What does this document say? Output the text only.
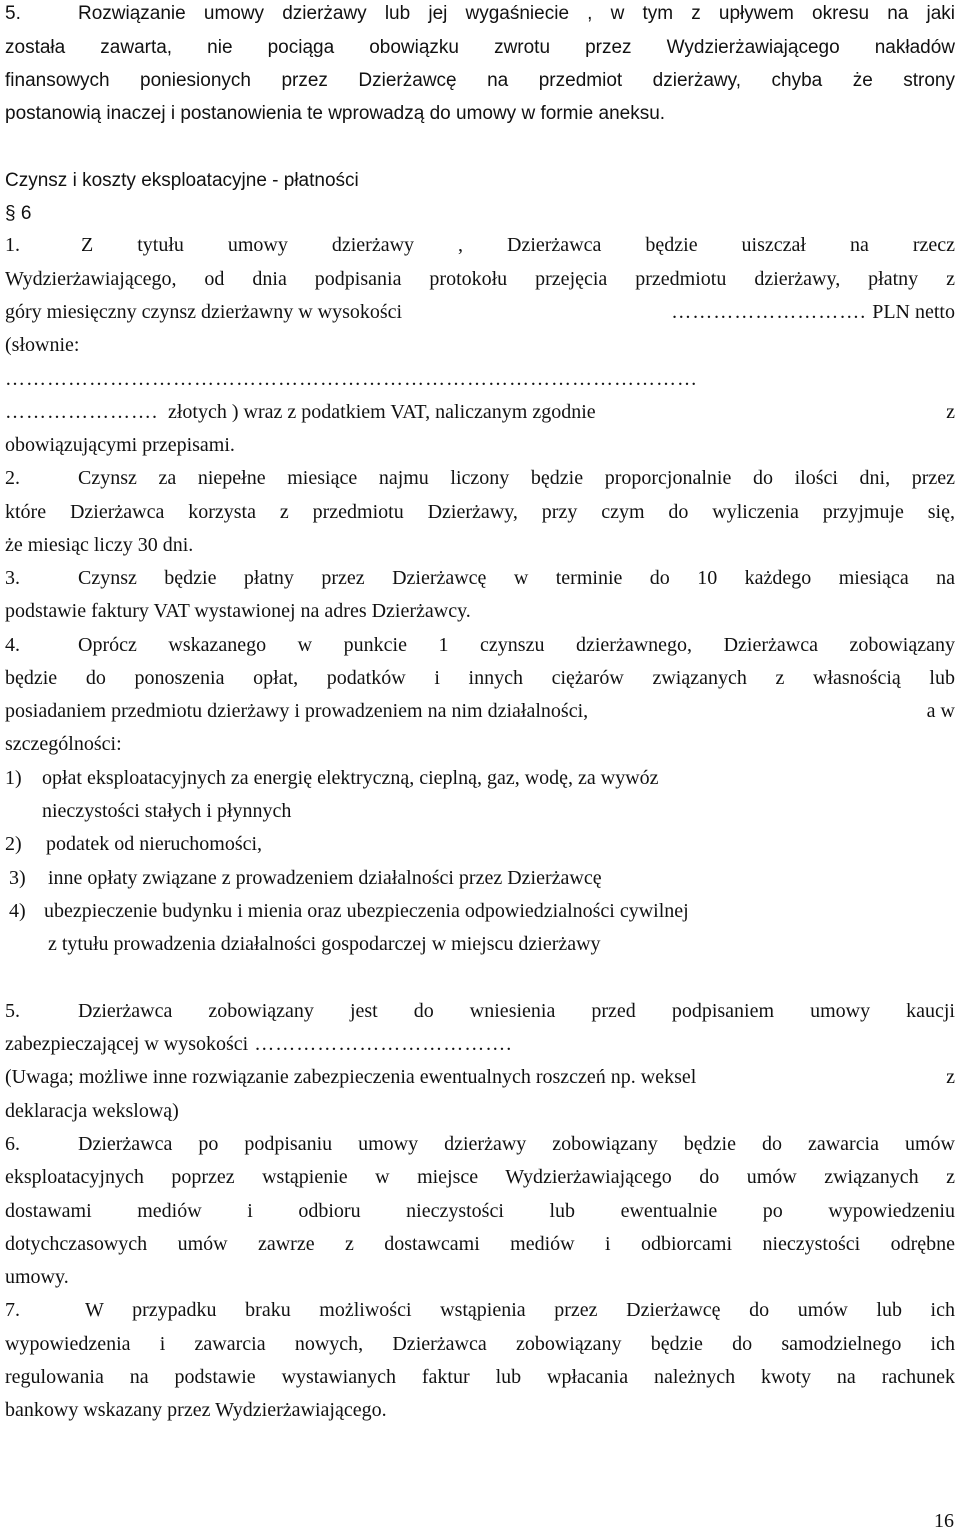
5.	Rozwiązanie umowy dzierżawy lub jej wygaśniecie , w tym z upływem okresu na jaki
została zawarta, nie pociąga obowiązku zwrotu przez Wydzierżawiającego nakładów
finansowych poniesionych przez Dzierżawcę na przedmiot dzierżawy, chyba że strony
postanowią inaczej i postanowienia te wprowadzą do umowy w formie aneksu.
Czynsz i koszty eksploatacyjne - płatności
§ 6
1.	Z tytułu umowy dzierżawy , Dzierżawca będzie uiszczał na rzecz
Wydzierżawiającego, od dnia podpisania protokołu przejęcia przedmiotu dzierżawy, płatny z
góry miesięczny czynsz dzierżawny w wysokości	………………………. PLN netto
(słownie:
………………………………………………………………………………………
…………………. złotych ) wraz z podatkiem VAT, naliczanym zgodnie	z
obowiązującymi przepisami.
2.	Czynsz za niepełne miesiące najmu liczony będzie proporcjonalnie do ilości dni, przez
które Dzierżawca korzysta z przedmiotu Dzierżawy, przy czym do wyliczenia przyjmuje się,
że miesiąc liczy 30 dni.
3.	Czynsz będzie płatny przez Dzierżawcę w terminie do 10 każdego miesiąca na
podstawie faktury VAT wystawionej na adres Dzierżawcy.
4.	Oprócz wskazanego w punkcie 1 czynszu dzierżawnego, Dzierżawca zobowiązany
będzie do ponoszenia opłat, podatków i innych ciężarów związanych z własnością lub
posiadaniem przedmiotu dzierżawy i prowadzeniem na nim działalności,	a w
szczególności:
1) opłat eksploatacyjnych za energię elektryczną, cieplną, gaz, wodę, za wywóz
nieczystości stałych i płynnych
2) podatek od nieruchomości,
3) inne opłaty związane z prowadzeniem działalności przez Dzierżawcę
4) ubezpieczenie budynku i mienia oraz ubezpieczenia odpowiedzialności cywilnej
z tytułu prowadzenia działalności gospodarczej w miejscu dzierżawy
5.	Dzierżawca zobowiązany jest do wniesienia przed podpisaniem umowy kaucji
zabezpieczającej w wysokości ……………………………….
(Uwaga; możliwe inne rozwiązanie zabezpieczenia ewentualnych roszczeń np. weksel	z
deklaracja wekslową)
6.	Dzierżawca po podpisaniu umowy dzierżawy zobowiązany będzie do zawarcia umów
eksploatacyjnych poprzez wstąpienie w miejsce Wydzierżawiającego do umów związanych z
dostawami mediów i odbioru nieczystości lub ewentualnie po wypowiedzeniu
dotychczasowych umów zawrze z dostawcami mediów i odbiorcami nieczystości odrębne
umowy.
7.	W przypadku braku możliwości wstąpienia przez Dzierżawcę do umów lub ich
wypowiedzenia i zawarcia nowych, Dzierżawca zobowiązany będzie do samodzielnego ich
regulowania na podstawie wystawianych faktur lub wpłacania należnych kwoty na rachunek
bankowy wskazany przez Wydzierżawiającego.
16
